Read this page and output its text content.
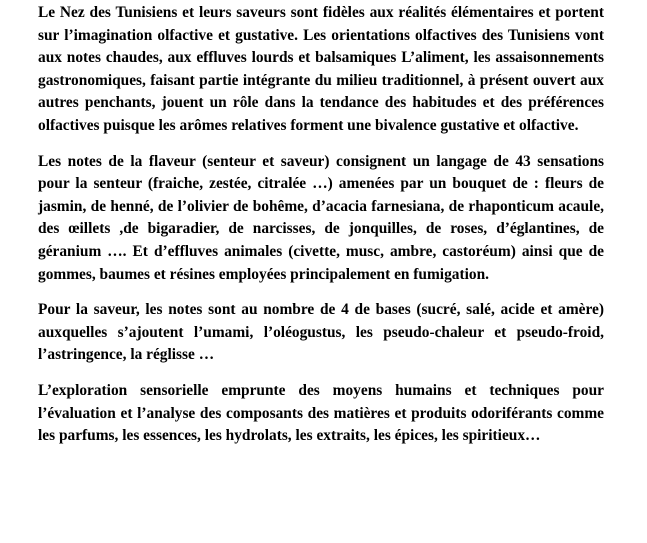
Le Nez des Tunisiens et leurs saveurs sont fidèles aux réalités élémentaires et portent sur l’imagination olfactive et gustative. Les orientations olfactives des Tunisiens vont aux notes chaudes, aux effluves lourds et balsamiques L’aliment, les assaisonnements gastronomiques, faisant partie intégrante du milieu traditionnel, à présent ouvert aux autres penchants, jouent un rôle dans la tendance des habitudes et des préférences olfactives puisque les arômes relatives forment une bivalence gustative et olfactive.

Les notes de la flaveur (senteur et saveur) consignent un langage de 43 sensations pour la senteur (fraiche, zestée, citralée …) amenées par un bouquet de : fleurs de jasmin, de henné, de l’olivier de bohême, d’acacia farnesiana, de rhaponticum acaule, des œillets ,de bigaradier, de narcisses, de jonquilles, de roses, d’églantines, de géranium …. Et d’effluves animales (civette, musc, ambre, castoréum) ainsi que de gommes, baumes et résines employées principalement en fumigation.

Pour la saveur, les notes sont au nombre de 4 de bases (sucré, salé, acide et amère) auxquelles s’ajoutent l’umami, l’oléogustus, les pseudo-chaleur et pseudo-froid, l’astringence, la réglisse …

L’exploration sensorielle emprunte des moyens humains et techniques pour l’évaluation et l’analyse des composants des matières et produits odoriférants comme les parfums, les essences, les hydrolats, les extraits, les épices, les spiritieux…
